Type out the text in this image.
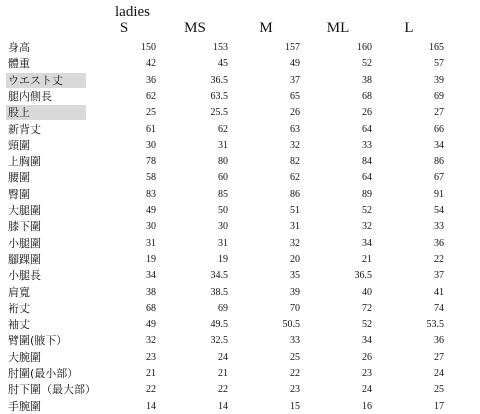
ladies
S	MS	M	ML	L
身高	150	153	157	160	165
體重	42	45	49	52	57
ウエスト丈	36	36.5	37	38	39
腿内側長	62	63.5	65	68	69
股上	25	25.5	26	26	27
新背丈	61	62	63	64	66
頸圍	30	31	32	33	34
上胸圍	78	80	82	84	86
腰圍	58	60	62	64	67
臀圍	83	85	86	89	91
大腿圍	49	50	51	52	54
膝下圍	30	30	31	32	33
小腿圍	31	31	32	34	36
腳踝圍	19	19	20	21	22
小腿長	34	34.5	35	36.5	37
肩寬	38	38.5	39	40	41
裄丈	68	69	70	72	74
袖丈	49	49.5	50.5	52	53.5
臂圍(腋下）	32	32.5	33	34	36
大腕圍	23	24	25	26	27
肘圍(最小部）	21	21	22	23	24
肘下圍（最大部）	22	22	23	24	25
手腕圍	14	14	15	16	17
